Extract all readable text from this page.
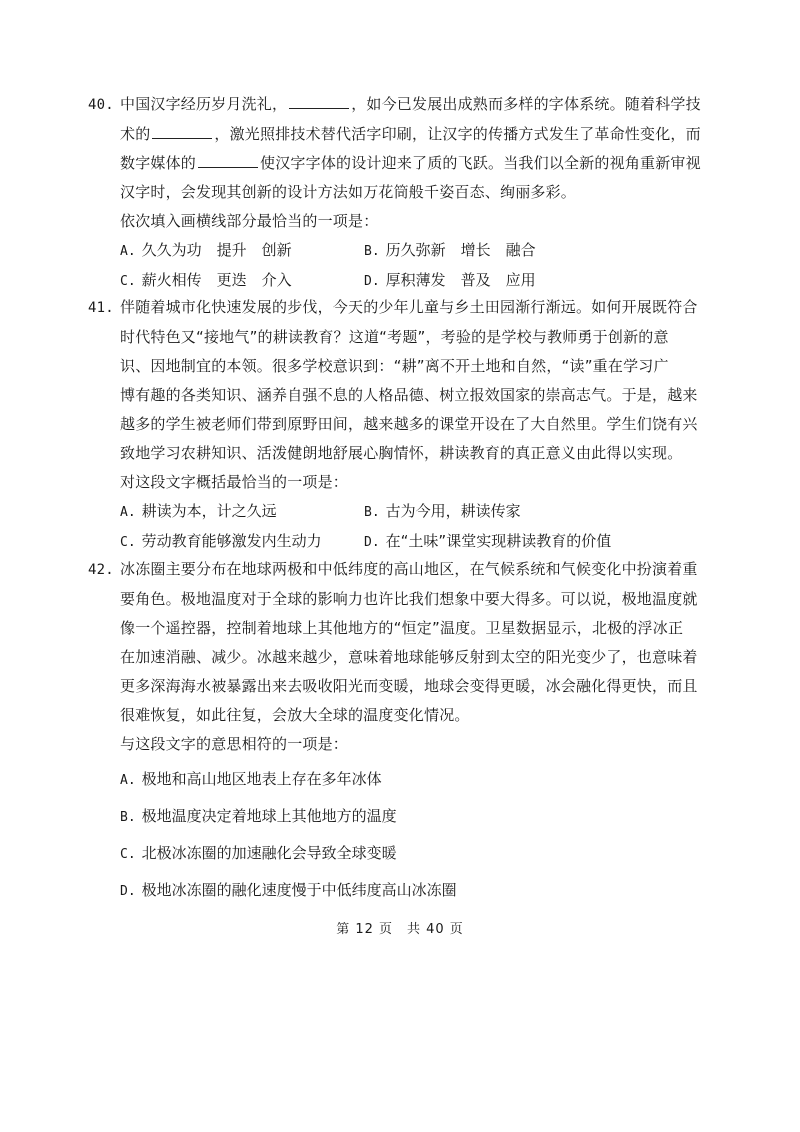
40. 中国汉字经历岁月洗礼，	，如今已发展出成熟而多样的字体系统。随着科学技
术的	，激光照排技术替代活字印刷，让汉字的传播方式发生了革命性变化，而
数字媒体的	使汉字字体的设计迎来了质的飞跃。当我们以全新的视角重新审视
汉字时，会发现其创新的设计方法如万花筒般千姿百态、绚丽多彩。
依次填入画横线部分最恰当的一项是：
A. 久久为功　提升　创新	B. 历久弥新　增长　融合
C. 薪火相传　更迭　介入	D. 厚积薄发　普及　应用
41. 伴随着城市化快速发展的步伐，今天的少年儿童与乡土田园渐行渐远。如何开展既符合
时代特色又“接地气”的耕读教育？这道“考题”，考验的是学校与教师勇于创新的意
识、因地制宜的本领。很多学校意识到：“耕”离不开土地和自然，“读”重在学习广
博有趣的各类知识、涵养自强不息的人格品德、树立报效国家的崇高志气。于是，越来
越多的学生被老师们带到原野田间，越来越多的课堂开设在了大自然里。学生们饶有兴
致地学习农耕知识、活泼健朗地舒展心胸情怀，耕读教育的真正意义由此得以实现。
对这段文字概括最恰当的一项是：
A. 耕读为本，计之久远	B. 古为今用，耕读传家
C. 劳动教育能够激发内生动力	D. 在“土味”课堂实现耕读教育的价值
42. 冰冻圈主要分布在地球两极和中低纬度的高山地区，在气候系统和气候变化中扮演着重
要角色。极地温度对于全球的影响力也许比我们想象中要大得多。可以说，极地温度就
像一个遥控器，控制着地球上其他地方的“恒定”温度。卫星数据显示，北极的浮冰正
在加速消融、减少。冰越来越少，意味着地球能够反射到太空的阳光变少了，也意味着
更多深海海水被暴露出来去吸收阳光而变暖，地球会变得更暖，冰会融化得更快，而且
很难恢复，如此往复，会放大全球的温度变化情况。
与这段文字的意思相符的一项是：
A. 极地和高山地区地表上存在多年冰体
B. 极地温度决定着地球上其他地方的温度
C. 北极冰冻圈的加速融化会导致全球变暖
D. 极地冰冻圈的融化速度慢于中低纬度高山冰冻圈
第 12 页　共 40 页
